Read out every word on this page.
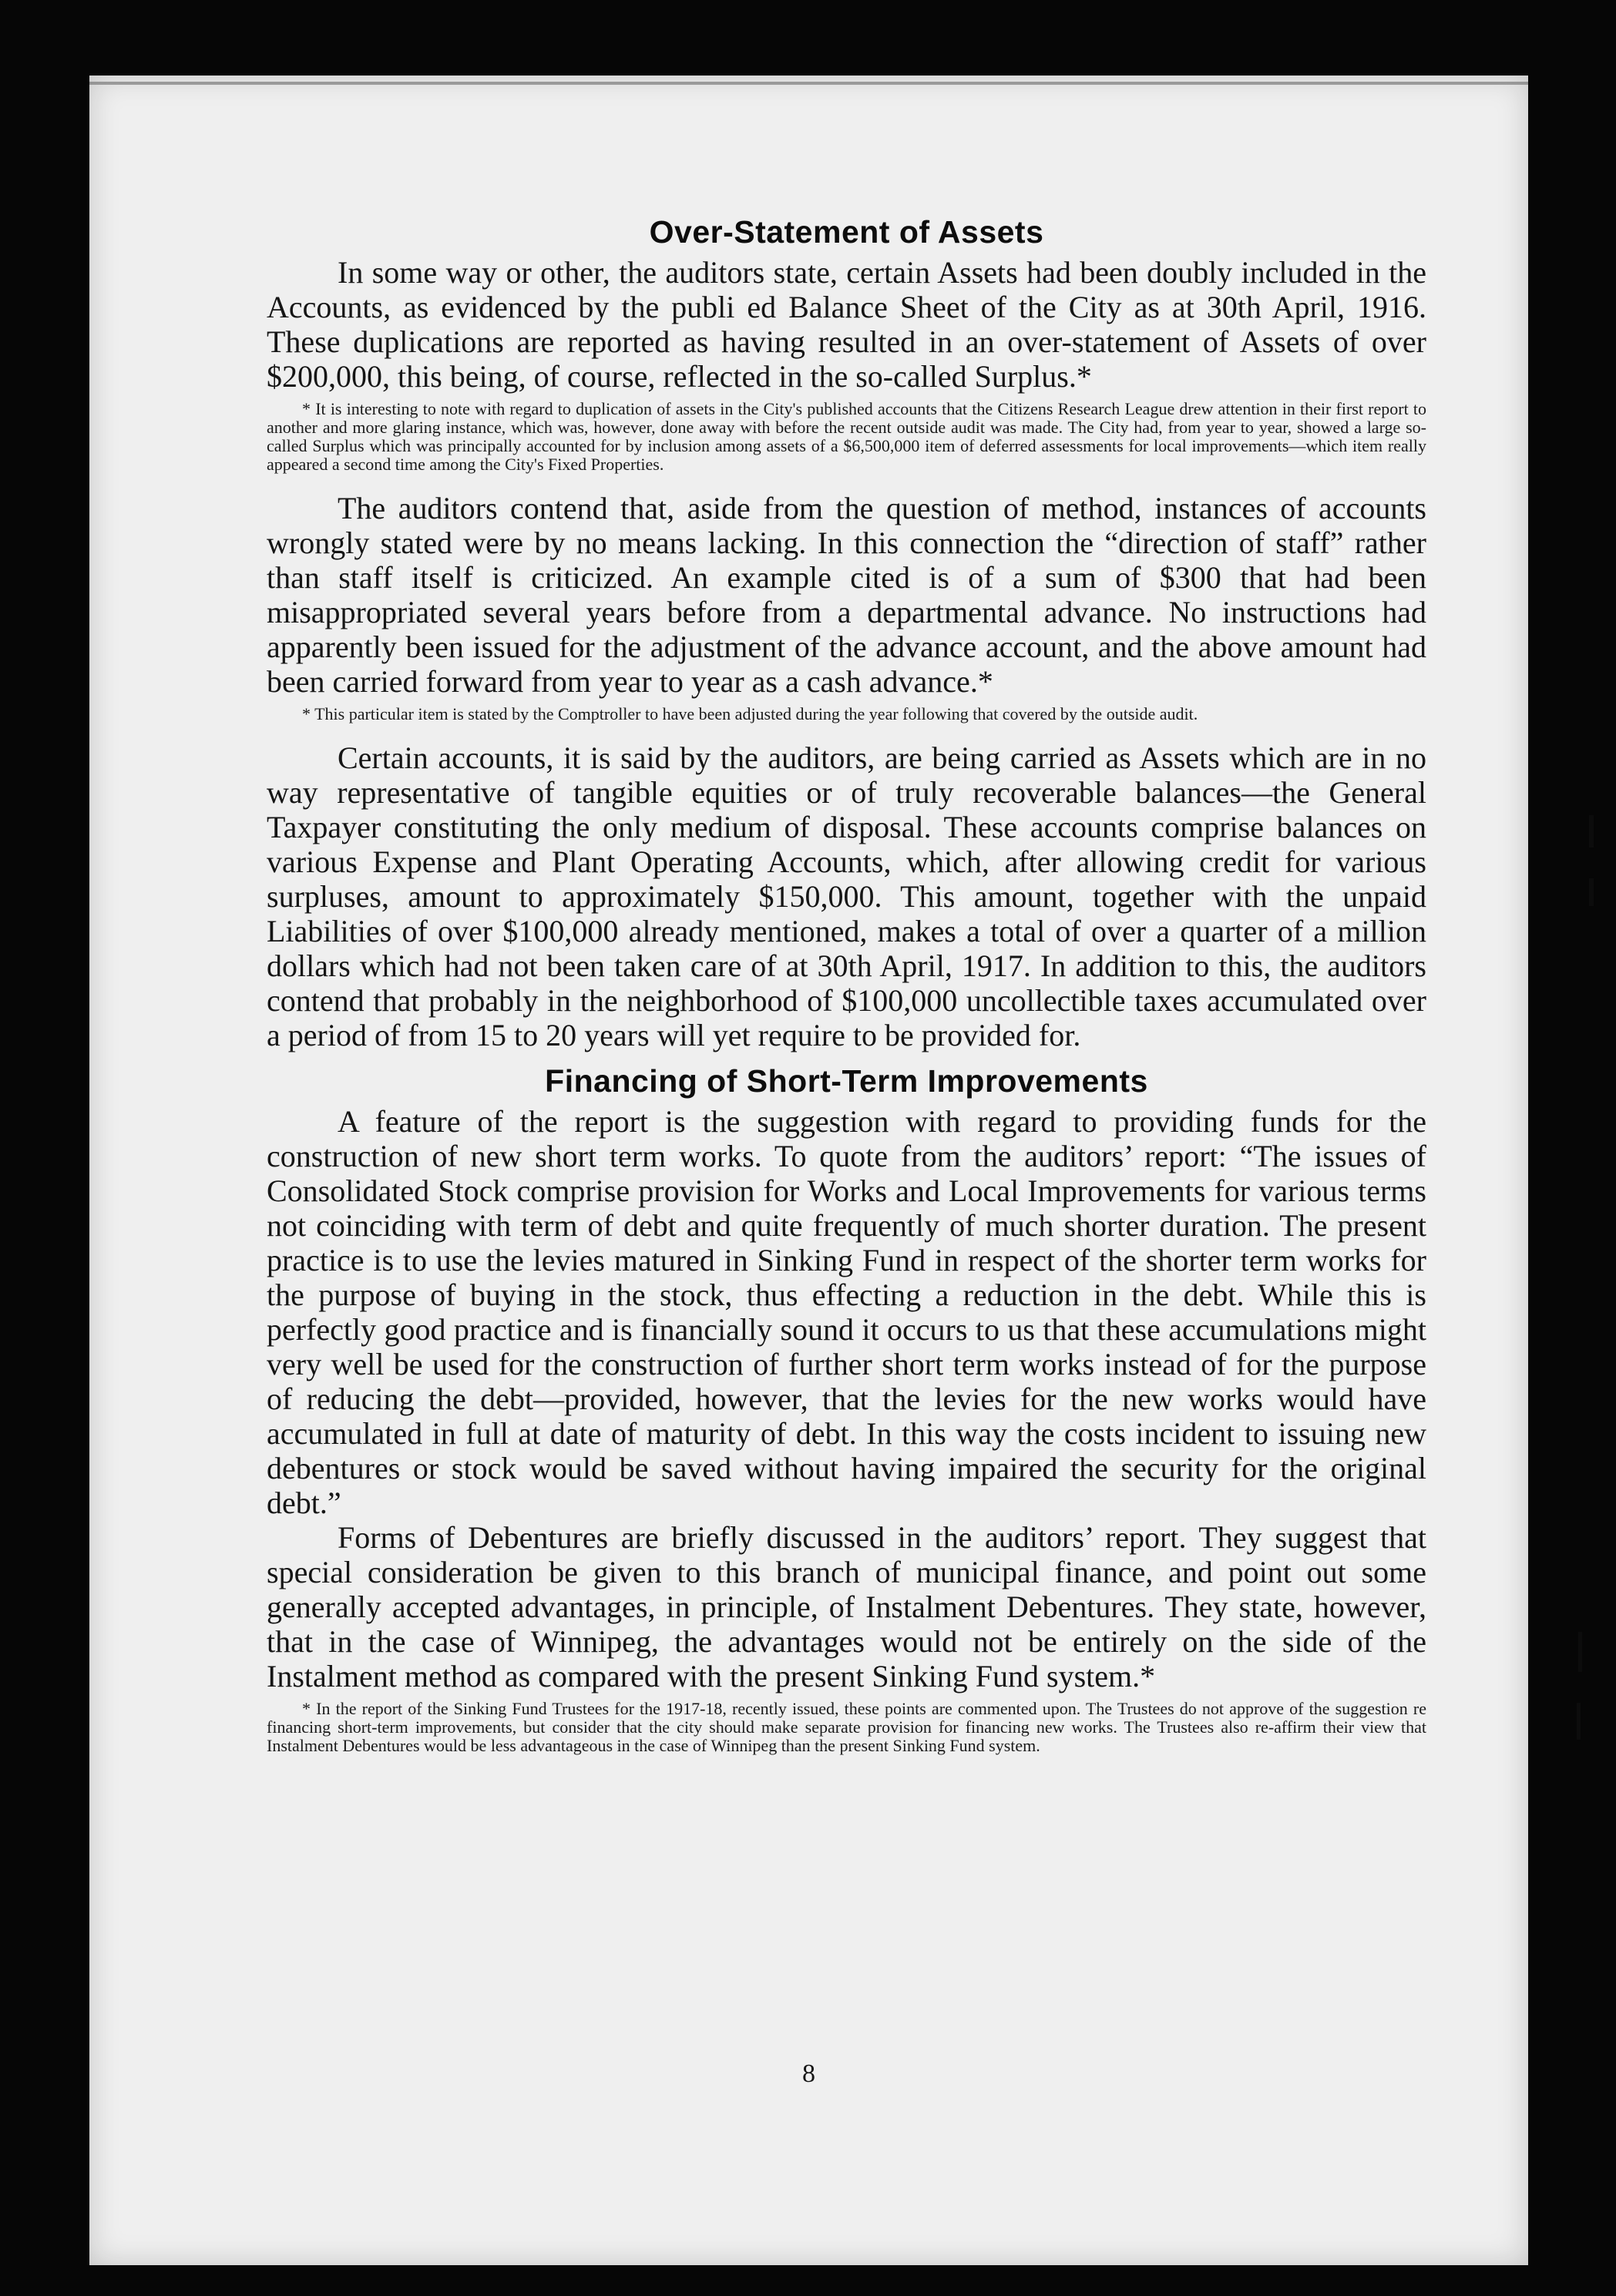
Over-Statement of Assets

In some way or other, the auditors state, certain Assets had been doubly included in the Accounts, as evidenced by the publi ed Balance Sheet of the City as at 30th April, 1916. These duplications are reported as having resulted in an over-statement of Assets of over $200,000, this being, of course, reflected in the so-called Surplus.*

* It is interesting to note with regard to duplication of assets in the City's published accounts that the Citizens Research League drew attention in their first report to another and more glaring instance, which was, however, done away with before the recent outside audit was made. The City had, from year to year, showed a large so-called Surplus which was principally accounted for by inclusion among assets of a $6,500,000 item of deferred assessments for local improvements—which item really appeared a second time among the City's Fixed Properties.

The auditors contend that, aside from the question of method, instances of accounts wrongly stated were by no means lacking. In this connection the “direction of staff” rather than staff itself is criticized. An example cited is of a sum of $300 that had been misappropriated several years before from a departmental advance. No instructions had apparently been issued for the adjustment of the advance account, and the above amount had been carried forward from year to year as a cash advance.*

* This particular item is stated by the Comptroller to have been adjusted during the year following that covered by the outside audit.

Certain accounts, it is said by the auditors, are being carried as Assets which are in no way representative of tangible equities or of truly recoverable balances—the General Taxpayer constituting the only medium of disposal. These accounts comprise balances on various Expense and Plant Operating Accounts, which, after allowing credit for various surpluses, amount to approximately $150,000. This amount, together with the unpaid Liabilities of over $100,000 already mentioned, makes a total of over a quarter of a million dollars which had not been taken care of at 30th April, 1917. In addition to this, the auditors contend that probably in the neighborhood of $100,000 uncollectible taxes accumulated over a period of from 15 to 20 years will yet require to be provided for.

Financing of Short-Term Improvements

A feature of the report is the suggestion with regard to providing funds for the construction of new short term works. To quote from the auditors’ report: “The issues of Consolidated Stock comprise provision for Works and Local Improvements for various terms not coinciding with term of debt and quite frequently of much shorter duration. The present practice is to use the levies matured in Sinking Fund in respect of the shorter term works for the purpose of buying in the stock, thus effecting a reduction in the debt. While this is perfectly good practice and is financially sound it occurs to us that these accumulations might very well be used for the construction of further short term works instead of for the purpose of reducing the debt—provided, however, that the levies for the new works would have accumulated in full at date of maturity of debt. In this way the costs incident to issuing new debentures or stock would be saved without having impaired the security for the original debt.”

Forms of Debentures are briefly discussed in the auditors’ report. They suggest that special consideration be given to this branch of municipal finance, and point out some generally accepted advantages, in principle, of Instalment Debentures. They state, however, that in the case of Winnipeg, the advantages would not be entirely on the side of the Instalment method as compared with the present Sinking Fund system.*

* In the report of the Sinking Fund Trustees for the 1917-18, recently issued, these points are commented upon. The Trustees do not approve of the suggestion re financing short-term improvements, but consider that the city should make separate provision for financing new works. The Trustees also re-affirm their view that Instalment Debentures would be less advantageous in the case of Winnipeg than the present Sinking Fund system.

8
